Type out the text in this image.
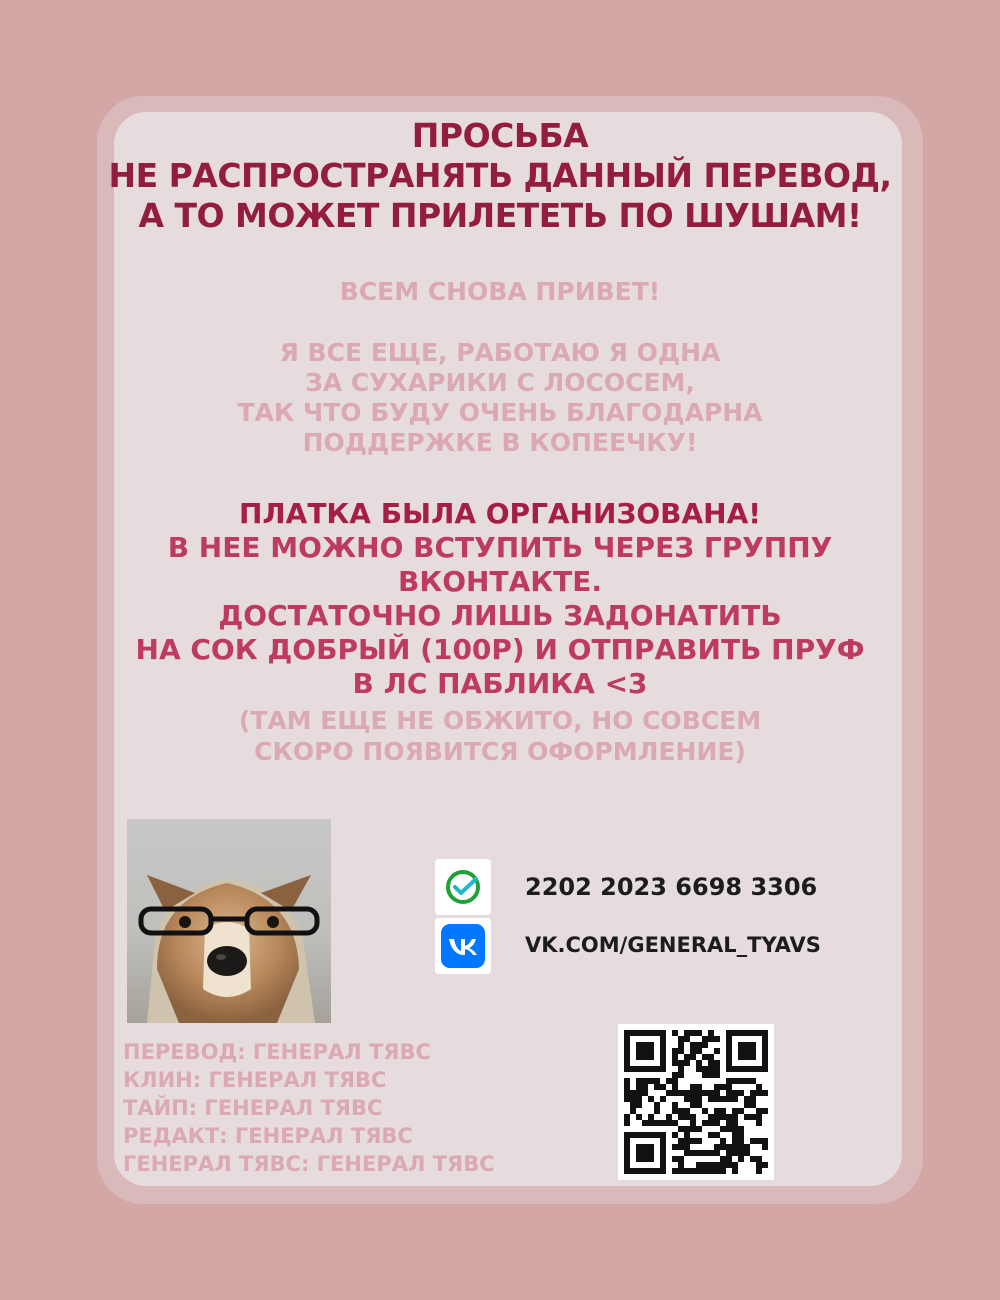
ПРОСЬБА
НЕ РАСПРОСТРАНЯТЬ ДАННЫЙ ПЕРЕВОД,
А ТО МОЖЕТ ПРИЛЕТЕТЬ ПО ШУШАМ!
ВСЕМ СНОВА ПРИВЕТ!
Я ВСЕ ЕЩЕ, РАБОТАЮ Я ОДНА
ЗА СУХАРИКИ С ЛОСОСЕМ,
ТАК ЧТО БУДУ ОЧЕНЬ БЛАГОДАРНА
ПОДДЕРЖКЕ В КОПЕЕЧКУ!
ПЛАТКА БЫЛА ОРГАНИЗОВАНА!
В НЕЕ МОЖНО ВСТУПИТЬ ЧЕРЕЗ ГРУППУ
ВКОНТАКТЕ.
ДОСТАТОЧНО ЛИШЬ ЗАДОНАТИТЬ
НА СОК ДОБРЫЙ (100Р) И ОТПРАВИТЬ ПРУФ
В ЛС ПАБЛИКА <3
(ТАМ ЕЩЕ НЕ ОБЖИТО, НО СОВСЕМ
СКОРО ПОЯВИТСЯ ОФОРМЛЕНИЕ)
2202 2023 6698 3306
VK.COM/GENERAL_TYAVS
ПЕРЕВОД: ГЕНЕРАЛ ТЯВС
КЛИН: ГЕНЕРАЛ ТЯВС
ТАЙП: ГЕНЕРАЛ ТЯВС
РЕДАКТ: ГЕНЕРАЛ ТЯВС
ГЕНЕРАЛ ТЯВС: ГЕНЕРАЛ ТЯВС
